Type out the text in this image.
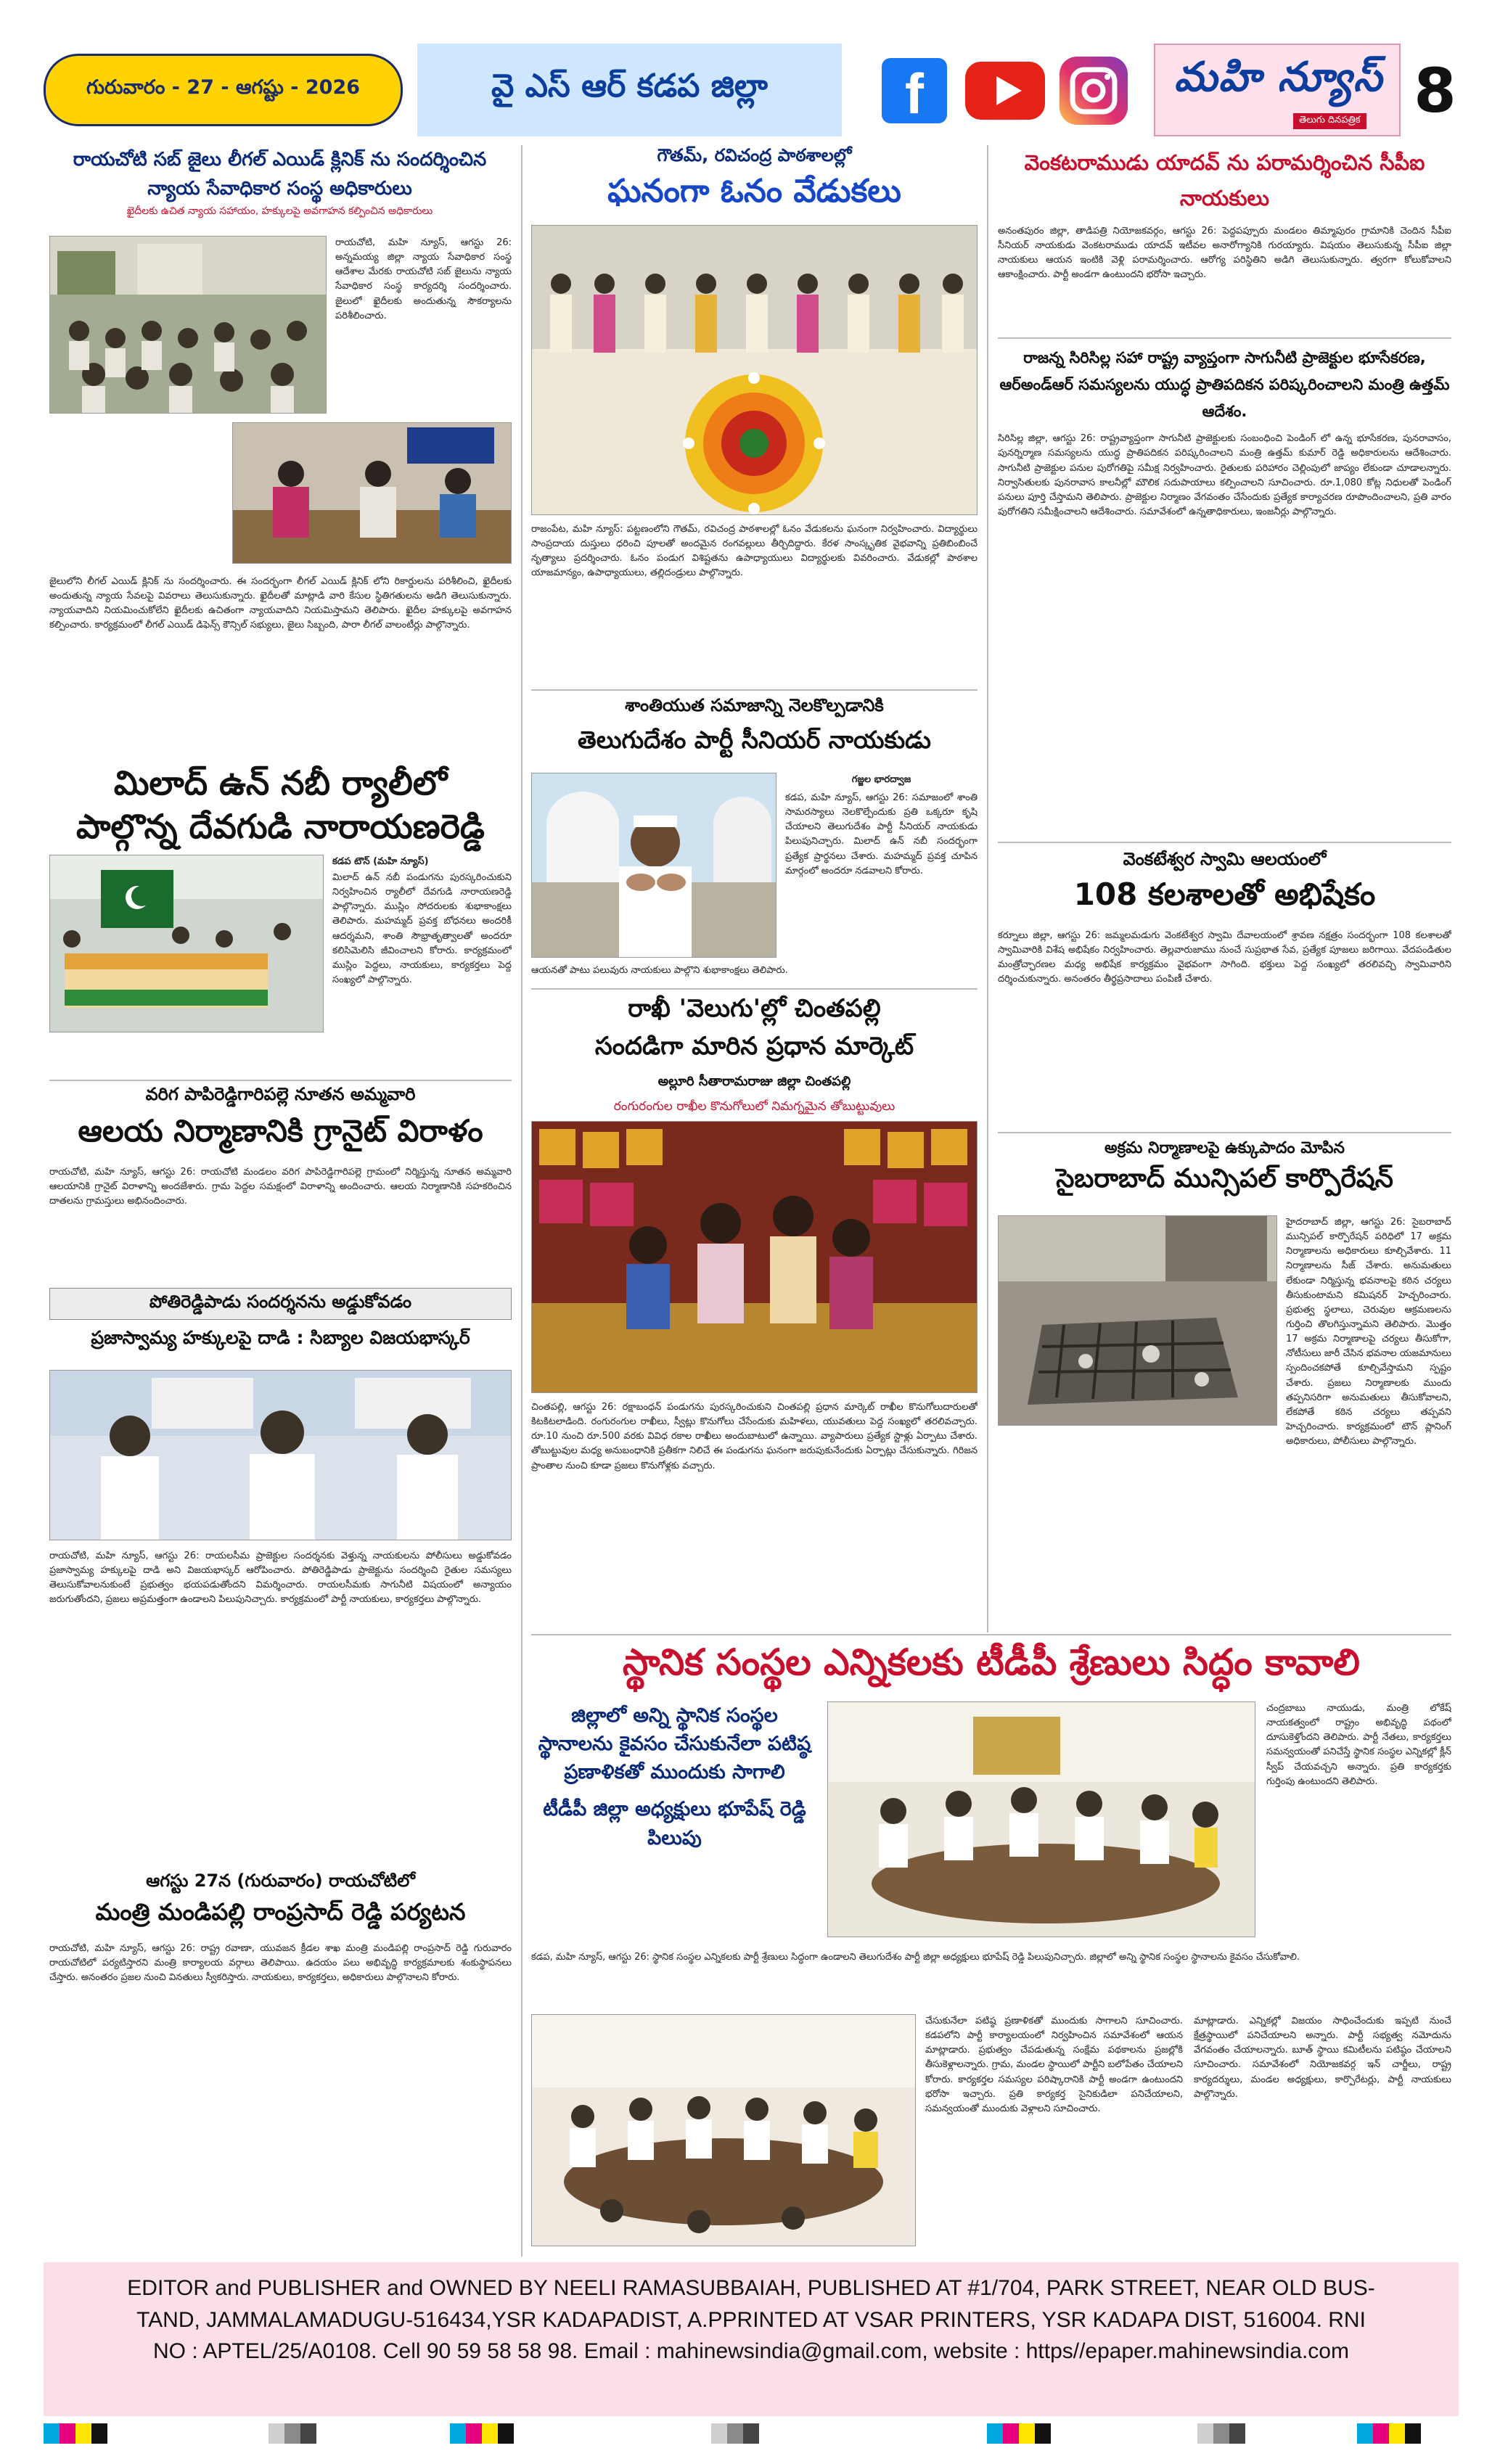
గురువారం - 27 - ఆగష్టు - 2026	వై ఎస్ ఆర్ కడప జిల్లా f	మహి న్యూస్
తెలుగు దినపత్రిక 8
రాయచోటి సబ్ జైలు లీగల్ ఎయిడ్ క్లినిక్ ను సందర్శించిన న్యాయ సేవాధికార సంస్థ అధికారులు
ఖైదీలకు ఉచిత న్యాయ సహాయం, హక్కులపై అవగాహన కల్పించిన అధికారులు
రాయచోటి, మహి న్యూస్, ఆగస్టు 26: అన్నమయ్య జిల్లా న్యాయ సేవాధికార సంస్థ ఆదేశాల మేరకు రాయచోటి సబ్ జైలును న్యాయ సేవాధికార సంస్థ కార్యదర్శి సందర్శించారు. జైలులో ఖైదీలకు అందుతున్న సౌకర్యాలను పరిశీలించారు.
జైలులోని లీగల్ ఎయిడ్ క్లినిక్ ను సందర్శించారు. ఈ సందర్భంగా లీగల్ ఎయిడ్ క్లినిక్ లోని రికార్డులను పరిశీలించి, ఖైదీలకు అందుతున్న న్యాయ సేవలపై వివరాలు తెలుసుకున్నారు. ఖైదీలతో మాట్లాడి వారి కేసుల స్థితిగతులను అడిగి తెలుసుకున్నారు. న్యాయవాదిని నియమించుకోలేని ఖైదీలకు ఉచితంగా న్యాయవాదిని నియమిస్తామని తెలిపారు. ఖైదీల హక్కులపై అవగాహన కల్పించారు. కార్యక్రమంలో లీగల్ ఎయిడ్ డిఫెన్స్ కౌన్సిల్ సభ్యులు, జైలు సిబ్బంది, పారా లీగల్ వాలంటీర్లు పాల్గొన్నారు.
మిలాద్ ఉన్ నబీ ర్యాలీలో
పాల్గొన్న దేవగుడి నారాయణరెడ్డి
కడప టౌన్ (మహి న్యూస్)
మిలాద్ ఉన్ నబీ పండుగను పురస్కరించుకుని నిర్వహించిన ర్యాలీలో దేవగుడి నారాయణరెడ్డి పాల్గొన్నారు. ముస్లిం సోదరులకు శుభాకాంక్షలు తెలిపారు. మహమ్మద్ ప్రవక్త బోధనలు అందరికీ ఆదర్శమని, శాంతి సౌభ్రాతృత్వాలతో అందరూ కలిసిమెలిసి జీవించాలని కోరారు. కార్యక్రమంలో ముస్లిం పెద్దలు, నాయకులు, కార్యకర్తలు పెద్ద సంఖ్యలో పాల్గొన్నారు.
వరిగ పాపిరెడ్డిగారిపల్లె నూతన అమ్మవారి
ఆలయ నిర్మాణానికి గ్రానైట్ విరాళం
రాయచోటి, మహి న్యూస్, ఆగస్టు 26: రాయచోటి మండలం వరిగ పాపిరెడ్డిగారిపల్లె గ్రామంలో నిర్మిస్తున్న నూతన అమ్మవారి ఆలయానికి గ్రానైట్ విరాళాన్ని అందజేశారు. గ్రామ పెద్దల సమక్షంలో విరాళాన్ని అందించారు. ఆలయ నిర్మాణానికి సహకరించిన దాతలను గ్రామస్తులు అభినందించారు.
పోతిరెడ్డిపాడు సందర్శనను అడ్డుకోవడం
ప్రజాస్వామ్య హక్కులపై దాడి : సిబ్యాల విజయభాస్కర్
రాయచోటి, మహి న్యూస్, ఆగస్టు 26: రాయలసీమ ప్రాజెక్టుల సందర్శనకు వెళ్తున్న నాయకులను పోలీసులు అడ్డుకోవడం ప్రజాస్వామ్య హక్కులపై దాడి అని విజయభాస్కర్ ఆరోపించారు. పోతిరెడ్డిపాడు ప్రాజెక్టును సందర్శించి రైతుల సమస్యలు తెలుసుకోవాలనుకుంటే ప్రభుత్వం భయపడుతోందని విమర్శించారు. రాయలసీమకు సాగునీటి విషయంలో అన్యాయం జరుగుతోందని, ప్రజలు అప్రమత్తంగా ఉండాలని పిలుపునిచ్చారు. కార్యక్రమంలో పార్టీ నాయకులు, కార్యకర్తలు పాల్గొన్నారు.
ఆగస్టు 27న (గురువారం) రాయచోటిలో
మంత్రి మండిపల్లి రాంప్రసాద్ రెడ్డి పర్యటన
రాయచోటి, మహి న్యూస్, ఆగస్టు 26: రాష్ట్ర రవాణా, యువజన క్రీడల శాఖ మంత్రి మండిపల్లి రాంప్రసాద్ రెడ్డి గురువారం రాయచోటిలో పర్యటిస్తారని మంత్రి కార్యాలయ వర్గాలు తెలిపాయి. ఉదయం పలు అభివృద్ధి కార్యక్రమాలకు శంకుస్థాపనలు చేస్తారు. అనంతరం ప్రజల నుంచి వినతులు స్వీకరిస్తారు. నాయకులు, కార్యకర్తలు, అధికారులు పాల్గొనాలని కోరారు.
గౌతమ్, రవిచంద్ర పాఠశాలల్లో
ఘనంగా ఓనం వేడుకలు
రాజంపేట, మహి న్యూస్: పట్టణంలోని గౌతమ్, రవిచంద్ర పాఠశాలల్లో ఓనం వేడుకలను ఘనంగా నిర్వహించారు. విద్యార్థులు సాంప్రదాయ దుస్తులు ధరించి పూలతో అందమైన రంగవల్లులు తీర్చిదిద్దారు. కేరళ సాంస్కృతిక వైభవాన్ని ప్రతిబింబించే నృత్యాలు ప్రదర్శించారు. ఓనం పండుగ విశిష్టతను ఉపాధ్యాయులు విద్యార్థులకు వివరించారు. వేడుకల్లో పాఠశాల యాజమాన్యం, ఉపాధ్యాయులు, తల్లిదండ్రులు పాల్గొన్నారు.
శాంతియుత సమాజాన్ని నెలకొల్పడానికి
తెలుగుదేశం పార్టీ సీనియర్ నాయకుడు
గజ్జల భారద్వాజ
కడప, మహి న్యూస్, ఆగస్టు 26: సమాజంలో శాంతి సామరస్యాలు నెలకొల్పేందుకు ప్రతి ఒక్కరూ కృషి చేయాలని తెలుగుదేశం పార్టీ సీనియర్ నాయకుడు పిలుపునిచ్చారు. మిలాద్ ఉన్ నబీ సందర్భంగా ప్రత్యేక ప్రార్థనలు చేశారు. మహమ్మద్ ప్రవక్త చూపిన మార్గంలో అందరూ నడవాలని కోరారు.
ఆయనతో పాటు పలువురు నాయకులు పాల్గొని శుభాకాంక్షలు తెలిపారు.
రాఖీ 'వెలుగు'ల్లో చింతపల్లి
సందడిగా మారిన ప్రధాన మార్కెట్
అల్లూరి సీతారామరాజు జిల్లా చింతపల్లి
రంగురంగుల రాఖీల కొనుగోలులో నిమగ్నమైన తోబుట్టువులు
చింతపల్లి, ఆగస్టు 26: రక్షాబంధన్ పండుగను పురస్కరించుకుని చింతపల్లి ప్రధాన మార్కెట్ రాఖీల కొనుగోలుదారులతో కిటకిటలాడింది. రంగురంగుల రాఖీలు, స్వీట్లు కొనుగోలు చేసేందుకు మహిళలు, యువతులు పెద్ద సంఖ్యలో తరలివచ్చారు. రూ.10 నుంచి రూ.500 వరకు వివిధ రకాల రాఖీలు అందుబాటులో ఉన్నాయి. వ్యాపారులు ప్రత్యేక స్టాళ్లు ఏర్పాటు చేశారు. తోబుట్టువుల మధ్య అనుబంధానికి ప్రతీకగా నిలిచే ఈ పండుగను ఘనంగా జరుపుకునేందుకు ఏర్పాట్లు చేసుకున్నారు. గిరిజన ప్రాంతాల నుంచి కూడా ప్రజలు కొనుగోళ్లకు వచ్చారు.
వెంకటరాముడు యాదవ్ ను పరామర్శించిన సీపీఐ నాయకులు
అనంతపురం జిల్లా, తాడిపత్రి నియోజకవర్గం, ఆగస్టు 26: పెద్దపప్పూరు మండలం తిమ్మాపురం గ్రామానికి చెందిన సీపీఐ సీనియర్ నాయకుడు వెంకటరాముడు యాదవ్ ఇటీవల అనారోగ్యానికి గురయ్యారు. విషయం తెలుసుకున్న సీపీఐ జిల్లా నాయకులు ఆయన ఇంటికి వెళ్లి పరామర్శించారు. ఆరోగ్య పరిస్థితిని అడిగి తెలుసుకున్నారు. త్వరగా కోలుకోవాలని ఆకాంక్షించారు. పార్టీ అండగా ఉంటుందని భరోసా ఇచ్చారు.
రాజన్న సిరిసిల్ల సహా రాష్ట్ర వ్యాప్తంగా సాగునీటి ప్రాజెక్టుల భూసేకరణ, ఆర్అండ్ఆర్ సమస్యలను యుద్ధ ప్రాతిపదికన పరిష్కరించాలని మంత్రి ఉత్తమ్ ఆదేశం.
సిరిసిల్ల జిల్లా, ఆగస్టు 26: రాష్ట్రవ్యాప్తంగా సాగునీటి ప్రాజెక్టులకు సంబంధించి పెండింగ్ లో ఉన్న భూసేకరణ, పునరావాసం, పునర్నిర్మాణ సమస్యలను యుద్ధ ప్రాతిపదికన పరిష్కరించాలని మంత్రి ఉత్తమ్ కుమార్ రెడ్డి అధికారులను ఆదేశించారు. సాగునీటి ప్రాజెక్టుల పనుల పురోగతిపై సమీక్ష నిర్వహించారు. రైతులకు పరిహారం చెల్లింపులో జాప్యం లేకుండా చూడాలన్నారు. నిర్వాసితులకు పునరావాస కాలనీల్లో మౌలిక సదుపాయాలు కల్పించాలని సూచించారు. రూ.1,080 కోట్ల నిధులతో పెండింగ్ పనులు పూర్తి చేస్తామని తెలిపారు. ప్రాజెక్టుల నిర్మాణం వేగవంతం చేసేందుకు ప్రత్యేక కార్యాచరణ రూపొందించాలని, ప్రతి వారం పురోగతిని సమీక్షించాలని ఆదేశించారు. సమావేశంలో ఉన్నతాధికారులు, ఇంజనీర్లు పాల్గొన్నారు.
వెంకటేశ్వర స్వామి ఆలయంలో
108 కలశాలతో అభిషేకం
కర్నూలు జిల్లా, ఆగస్టు 26: జమ్మలమడుగు వెంకటేశ్వర స్వామి దేవాలయంలో శ్రావణ నక్షత్రం సందర్భంగా 108 కలశాలతో స్వామివారికి విశేష అభిషేకం నిర్వహించారు. తెల్లవారుజాము నుంచే సుప్రభాత సేవ, ప్రత్యేక పూజలు జరిగాయి. వేదపండితుల మంత్రోచ్ఛారణల మధ్య అభిషేక కార్యక్రమం వైభవంగా సాగింది. భక్తులు పెద్ద సంఖ్యలో తరలివచ్చి స్వామివారిని దర్శించుకున్నారు. అనంతరం తీర్థప్రసాదాలు పంపిణీ చేశారు.
అక్రమ నిర్మాణాలపై ఉక్కుపాదం మోపిన
సైబరాబాద్ మున్సిపల్ కార్పొరేషన్
హైదరాబాద్ జిల్లా, ఆగస్టు 26: సైబరాబాద్ మున్సిపల్ కార్పొరేషన్ పరిధిలో 17 అక్రమ నిర్మాణాలను అధికారులు కూల్చివేశారు. 11 నిర్మాణాలను సీజ్ చేశారు. అనుమతులు లేకుండా నిర్మిస్తున్న భవనాలపై కఠిన చర్యలు తీసుకుంటామని కమిషనర్ హెచ్చరించారు. ప్రభుత్వ స్థలాలు, చెరువుల ఆక్రమణలను గుర్తించి తొలగిస్తున్నామని తెలిపారు. మొత్తం 17 అక్రమ నిర్మాణాలపై చర్యలు తీసుకోగా, నోటీసులు జారీ చేసిన భవనాల యజమానులు స్పందించకపోతే కూల్చివేస్తామని స్పష్టం చేశారు. ప్రజలు నిర్మాణాలకు ముందు తప్పనిసరిగా అనుమతులు తీసుకోవాలని, లేకపోతే కఠిన చర్యలు తప్పవని హెచ్చరించారు. కార్యక్రమంలో టౌన్ ప్లానింగ్ అధికారులు, పోలీసులు పాల్గొన్నారు.
స్థానిక సంస్థల ఎన్నికలకు టీడీపీ శ్రేణులు సిద్ధం కావాలి
జిల్లాలో అన్ని స్థానిక సంస్థల స్థానాలను కైవసం చేసుకునేలా పటిష్ఠ ప్రణాళికతో ముందుకు సాగాలి
టీడీపీ జిల్లా అధ్యక్షులు భూపేష్ రెడ్డి పిలుపు
చంద్రబాబు నాయుడు, మంత్రి లోకేష్ నాయకత్వంలో రాష్ట్రం అభివృద్ధి పథంలో దూసుకెళ్తోందని తెలిపారు. పార్టీ నేతలు, కార్యకర్తలు సమన్వయంతో పనిచేస్తే స్థానిక సంస్థల ఎన్నికల్లో క్లీన్ స్వీప్ చేయవచ్చని అన్నారు. ప్రతి కార్యకర్తకు గుర్తింపు ఉంటుందని తెలిపారు.
కడప, మహి న్యూస్, ఆగస్టు 26: స్థానిక సంస్థల ఎన్నికలకు పార్టీ శ్రేణులు సిద్ధంగా ఉండాలని తెలుగుదేశం పార్టీ జిల్లా అధ్యక్షులు భూపేష్ రెడ్డి పిలుపునిచ్చారు. జిల్లాలో అన్ని స్థానిక సంస్థల స్థానాలను కైవసం చేసుకోవాలి.
చేసుకునేలా పటిష్ఠ ప్రణాళికతో ముందుకు సాగాలని సూచించారు. కడపలోని పార్టీ కార్యాలయంలో నిర్వహించిన సమావేశంలో ఆయన మాట్లాడారు. ప్రభుత్వం చేపడుతున్న సంక్షేమ పథకాలను ప్రజల్లోకి తీసుకెళ్లాలన్నారు. గ్రామ, మండల స్థాయిలో పార్టీని బలోపేతం చేయాలని కోరారు. కార్యకర్తల సమస్యల పరిష్కారానికి పార్టీ అండగా ఉంటుందని భరోసా ఇచ్చారు. ప్రతి కార్యకర్త సైనికుడిలా పనిచేయాలని, సమన్వయంతో ముందుకు వెళ్లాలని సూచించారు.
మాట్లాడారు. ఎన్నికల్లో విజయం సాధించేందుకు ఇప్పటి నుంచే క్షేత్రస్థాయిలో పనిచేయాలని అన్నారు. పార్టీ సభ్యత్వ నమోదును వేగవంతం చేయాలన్నారు. బూత్ స్థాయి కమిటీలను పటిష్ఠం చేయాలని సూచించారు. సమావేశంలో నియోజకవర్గ ఇన్ చార్జీలు, రాష్ట్ర కార్యదర్శులు, మండల అధ్యక్షులు, కార్పొరేటర్లు, పార్టీ నాయకులు పాల్గొన్నారు.
EDITOR and PUBLISHER and OWNED BY NEELI RAMASUBBAIAH, PUBLISHED AT #1/704, PARK STREET, NEAR OLD BUS-
TAND, JAMMALAMADUGU-516434,YSR KADAPADIST, A.PPRINTED AT VSAR PRINTERS, YSR KADAPA DIST, 516004. RNI
NO : APTEL/25/A0108. Cell 90 59 58 58 98. Email : mahinewsindia@gmail.com, website : https//epaper.mahinewsindia.com
